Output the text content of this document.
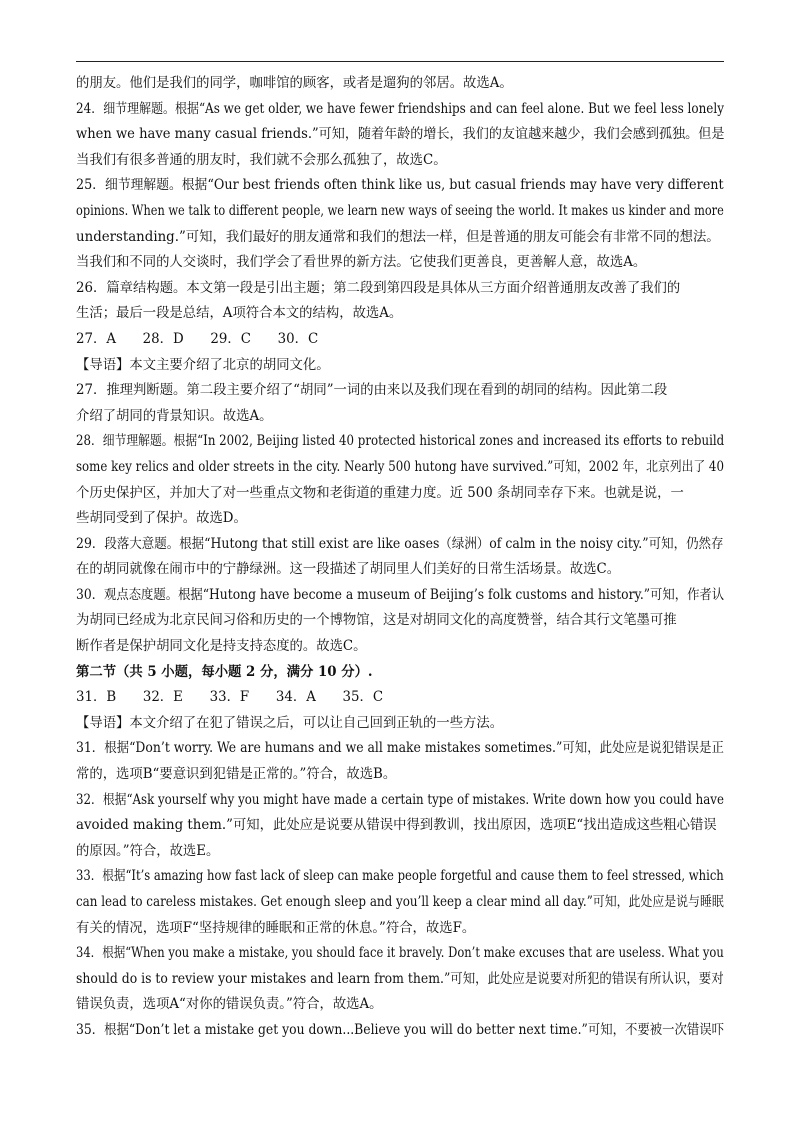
的朋友。他们是我们的同学，咖啡馆的顾客，或者是遛狗的邻居。故选A。
24．细节理解题。根据“As we get older, we have fewer friendships and can feel alone. But we feel less lonely
when we have many casual friends.”可知，随着年龄的增长，我们的友谊越来越少，我们会感到孤独。但是
当我们有很多普通的朋友时，我们就不会那么孤独了，故选C。
25．细节理解题。根据“Our best friends often think like us, but casual friends may have very different
opinions. When we talk to different people, we learn new ways of seeing the world. It makes us kinder and more
understanding.”可知，我们最好的朋友通常和我们的想法一样，但是普通的朋友可能会有非常不同的想法。
当我们和不同的人交谈时，我们学会了看世界的新方法。它使我们更善良，更善解人意，故选A。
26．篇章结构题。本文第一段是引出主题；第二段到第四段是具体从三方面介绍普通朋友改善了我们的
生活；最后一段是总结，A项符合本文的结构，故选A。
27．A　　28．D　　29．C　　30．C
【导语】本文主要介绍了北京的胡同文化。
27．推理判断题。第二段主要介绍了“胡同”一词的由来以及我们现在看到的胡同的结构。因此第二段
介绍了胡同的背景知识。故选A。
28．细节理解题。根据“In 2002, Beijing listed 40 protected historical zones and increased its efforts to rebuild
some key relics and older streets in the city. Nearly 500 hutong have survived.”可知，2002 年，北京列出了 40
个历史保护区，并加大了对一些重点文物和老街道的重建力度。近 500 条胡同幸存下来。也就是说，一
些胡同受到了保护。故选D。
29．段落大意题。根据“Hutong that still exist are like oases（绿洲）of calm in the noisy city.”可知，仍然存
在的胡同就像在闹市中的宁静绿洲。这一段描述了胡同里人们美好的日常生活场景。故选C。
30．观点态度题。根据“Hutong have become a museum of Beijing’s folk customs and history.”可知，作者认
为胡同已经成为北京民间习俗和历史的一个博物馆，这是对胡同文化的高度赞誉，结合其行文笔墨可推
断作者是保护胡同文化是持支持态度的。故选C。
第二节（共 5 小题，每小题 2 分，满分 10 分）.
31．B　　32．E　　33．F　　34．A　　35．C
【导语】本文介绍了在犯了错误之后，可以让自己回到正轨的一些方法。
31．根据“Don’t worry. We are humans and we all make mistakes sometimes.”可知，此处应是说犯错误是正
常的，选项B“要意识到犯错是正常的。”符合，故选B。
32．根据“Ask yourself why you might have made a certain type of mistakes. Write down how you could have
avoided making them.”可知，此处应是说要从错误中得到教训，找出原因，选项E“找出造成这些粗心错误
的原因。”符合，故选E。
33．根据“It’s amazing how fast lack of sleep can make people forgetful and cause them to feel stressed, which
can lead to careless mistakes. Get enough sleep and you’ll keep a clear mind all day.”可知，此处应是说与睡眠
有关的情况，选项F“坚持规律的睡眠和正常的休息。”符合，故选F。
34．根据“When you make a mistake, you should face it bravely. Don’t make excuses that are useless. What you
should do is to review your mistakes and learn from them.”可知，此处应是说要对所犯的错误有所认识，要对
错误负责，选项A“对你的错误负责。”符合，故选A。
35．根据“Don’t let a mistake get you down...Believe you will do better next time.”可知，不要被一次错误吓
